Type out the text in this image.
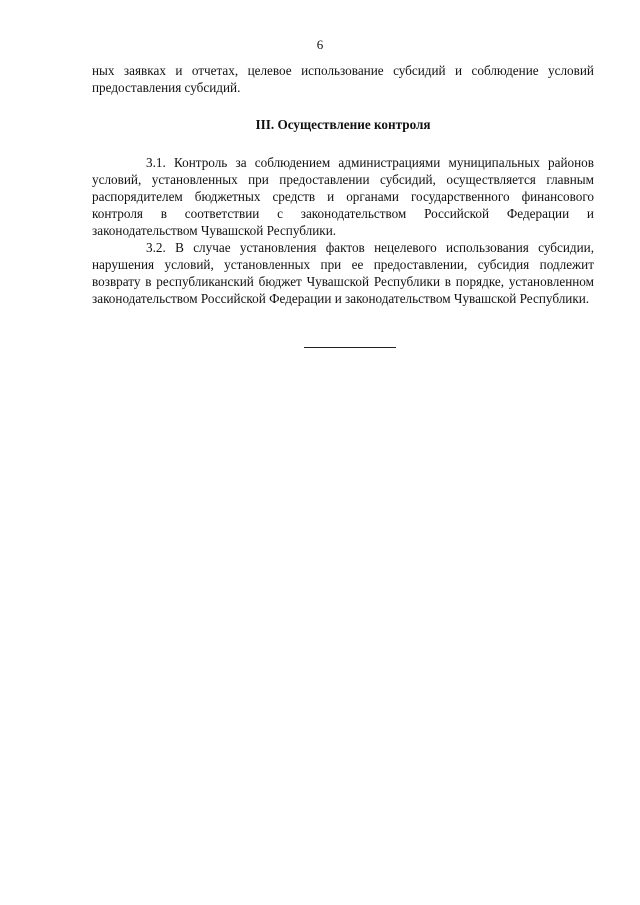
6

ных заявках и отчетах, целевое использование субсидий и соблюдение условий предоставления субсидий.

III. Осуществление контроля

3.1. Контроль за соблюдением администрациями муниципальных районов условий, установленных при предоставлении субсидий, осуществляется главным распорядителем бюджетных средств и органами государственного финансового контроля в соответствии с законодательством Российской Федерации и законодательством Чувашской Республики.

3.2. В случае установления фактов нецелевого использования субсидии, нарушения условий, установленных при ее предоставлении, субсидия подлежит возврату в республиканский бюджет Чувашской Республики в порядке, установленном законодательством Российской Федерации и законодательством Чувашской Республики.
